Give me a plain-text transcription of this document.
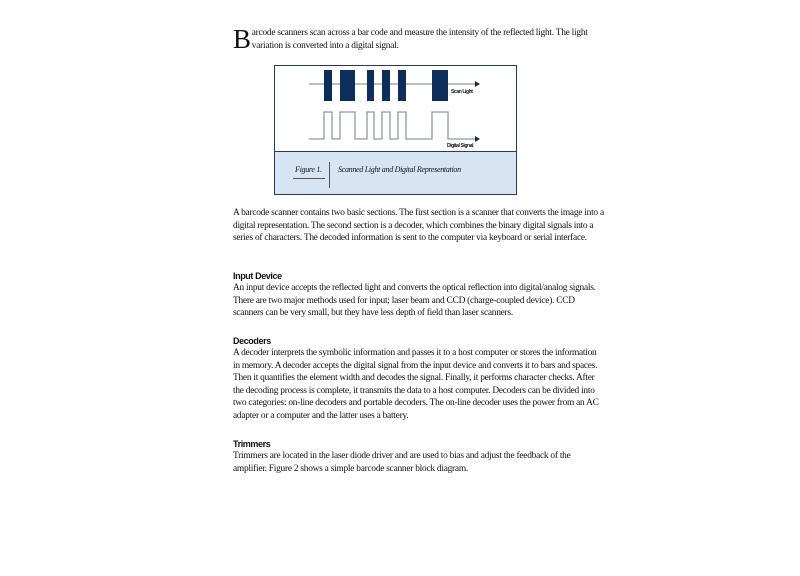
B arcode scanners scan across a bar code and measure the intensity of the reflected light. The light variation is converted into a digital signal.
Scan Light
Digital Signal
Figure 1. Scanned Light and Digital Representation

A barcode scanner contains two basic sections. The first section is a scanner that converts the image into a digital representation. The second section is a decoder, which combines the binary digital signals into a series of characters. The decoded information is sent to the computer via keyboard or serial interface.

Input Device

An input device accepts the reflected light and converts the optical reflection into digital/analog signals. There are two major methods used for input; laser beam and CCD (charge-coupled device). CCD scanners can be very small, but they have less depth of field than laser scanners.

Decoders

A decoder interprets the symbolic information and passes it to a host computer or stores the information in memory. A decoder accepts the digital signal from the input device and converts it to bars and spaces. Then it quantifies the element width and decodes the signal. Finally, it performs character checks. After the decoding process is complete, it transmits the data to a host computer. Decoders can be divided into two categories: on-line decoders and portable decoders. The on-line decoder uses the power from an AC adapter or a computer and the latter uses a battery.

Trimmers

Trimmers are located in the laser diode driver and are used to bias and adjust the feedback of the amplifier. Figure 2 shows a simple barcode scanner block diagram.
